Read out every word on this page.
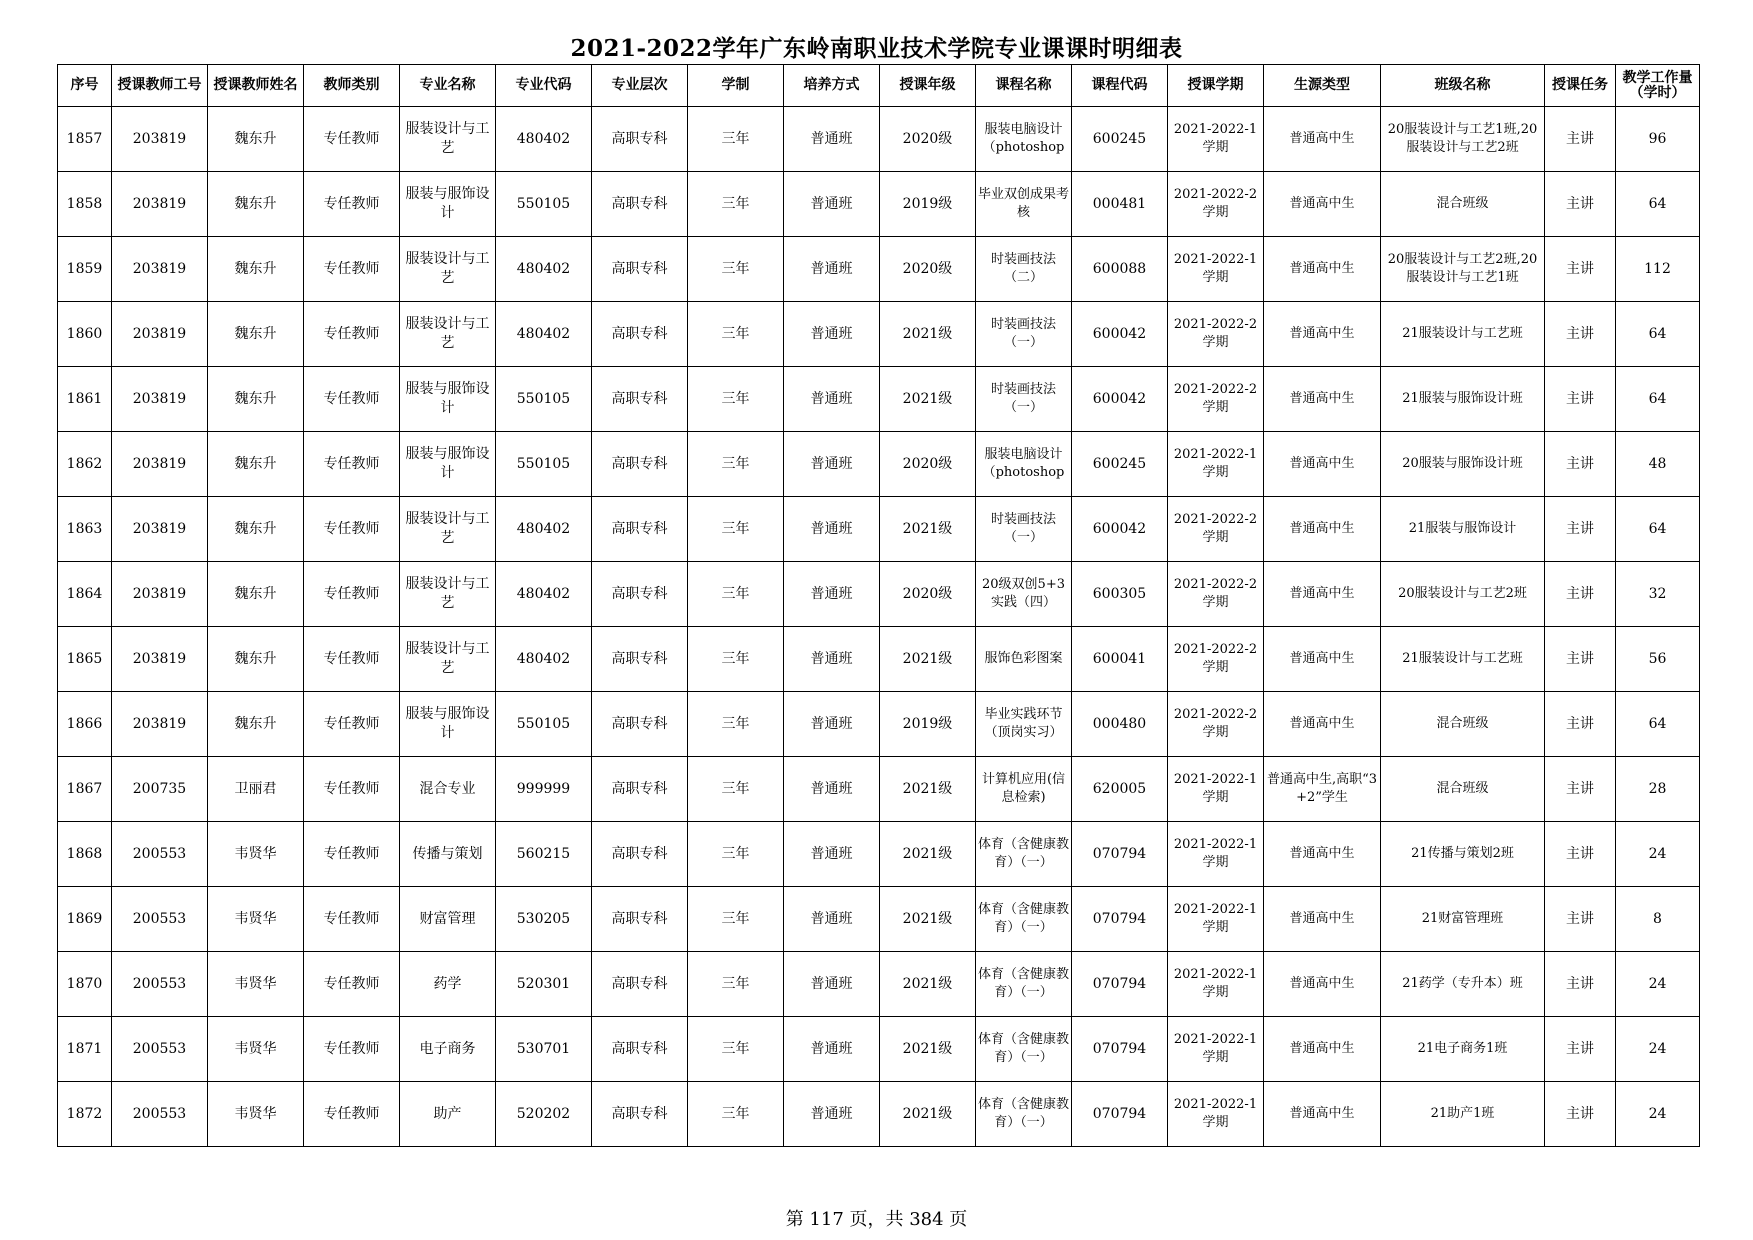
2021-2022学年广东岭南职业技术学院专业课课时明细表
序号	授课教师工号	授课教师姓名	教师类别	专业名称	专业代码	专业层次	学制	培养方式	授课年级	课程名称	课程代码	授课学期	生源类型	班级名称	授课任务	教学工作量（学时）
1857	203819	魏东升	专任教师	服装设计与工艺	480402	高职专科	三年	普通班	2020级	服装电脑设计（photoshop	600245	2021-2022-1学期	普通高中生	20服装设计与工艺1班,20服装设计与工艺2班	主讲	96
1858	203819	魏东升	专任教师	服装与服饰设计	550105	高职专科	三年	普通班	2019级	毕业双创成果考核	000481	2021-2022-2学期	普通高中生	混合班级	主讲	64
1859	203819	魏东升	专任教师	服装设计与工艺	480402	高职专科	三年	普通班	2020级	时装画技法（二）	600088	2021-2022-1学期	普通高中生	20服装设计与工艺2班,20服装设计与工艺1班	主讲	112
1860	203819	魏东升	专任教师	服装设计与工艺	480402	高职专科	三年	普通班	2021级	时装画技法（一）	600042	2021-2022-2学期	普通高中生	21服装设计与工艺班	主讲	64
1861	203819	魏东升	专任教师	服装与服饰设计	550105	高职专科	三年	普通班	2021级	时装画技法（一）	600042	2021-2022-2学期	普通高中生	21服装与服饰设计班	主讲	64
1862	203819	魏东升	专任教师	服装与服饰设计	550105	高职专科	三年	普通班	2020级	服装电脑设计（photoshop	600245	2021-2022-1学期	普通高中生	20服装与服饰设计班	主讲	48
1863	203819	魏东升	专任教师	服装设计与工艺	480402	高职专科	三年	普通班	2021级	时装画技法（一）	600042	2021-2022-2学期	普通高中生	21服装与服饰设计	主讲	64
1864	203819	魏东升	专任教师	服装设计与工艺	480402	高职专科	三年	普通班	2020级	20级双创5+3实践（四）	600305	2021-2022-2学期	普通高中生	20服装设计与工艺2班	主讲	32
1865	203819	魏东升	专任教师	服装设计与工艺	480402	高职专科	三年	普通班	2021级	服饰色彩图案	600041	2021-2022-2学期	普通高中生	21服装设计与工艺班	主讲	56
1866	203819	魏东升	专任教师	服装与服饰设计	550105	高职专科	三年	普通班	2019级	毕业实践环节（顶岗实习）	000480	2021-2022-2学期	普通高中生	混合班级	主讲	64
1867	200735	卫丽君	专任教师	混合专业	999999	高职专科	三年	普通班	2021级	计算机应用(信息检索)	620005	2021-2022-1学期	普通高中生,高职“3+2”学生	混合班级	主讲	28
1868	200553	韦贤华	专任教师	传播与策划	560215	高职专科	三年	普通班	2021级	体育（含健康教育）（一）	070794	2021-2022-1学期	普通高中生	21传播与策划2班	主讲	24
1869	200553	韦贤华	专任教师	财富管理	530205	高职专科	三年	普通班	2021级	体育（含健康教育）（一）	070794	2021-2022-1学期	普通高中生	21财富管理班	主讲	8
1870	200553	韦贤华	专任教师	药学	520301	高职专科	三年	普通班	2021级	体育（含健康教育）（一）	070794	2021-2022-1学期	普通高中生	21药学（专升本）班	主讲	24
1871	200553	韦贤华	专任教师	电子商务	530701	高职专科	三年	普通班	2021级	体育（含健康教育）（一）	070794	2021-2022-1学期	普通高中生	21电子商务1班	主讲	24
1872	200553	韦贤华	专任教师	助产	520202	高职专科	三年	普通班	2021级	体育（含健康教育）（一）	070794	2021-2022-1学期	普通高中生	21助产1班	主讲	24
第 117 页，共 384 页
